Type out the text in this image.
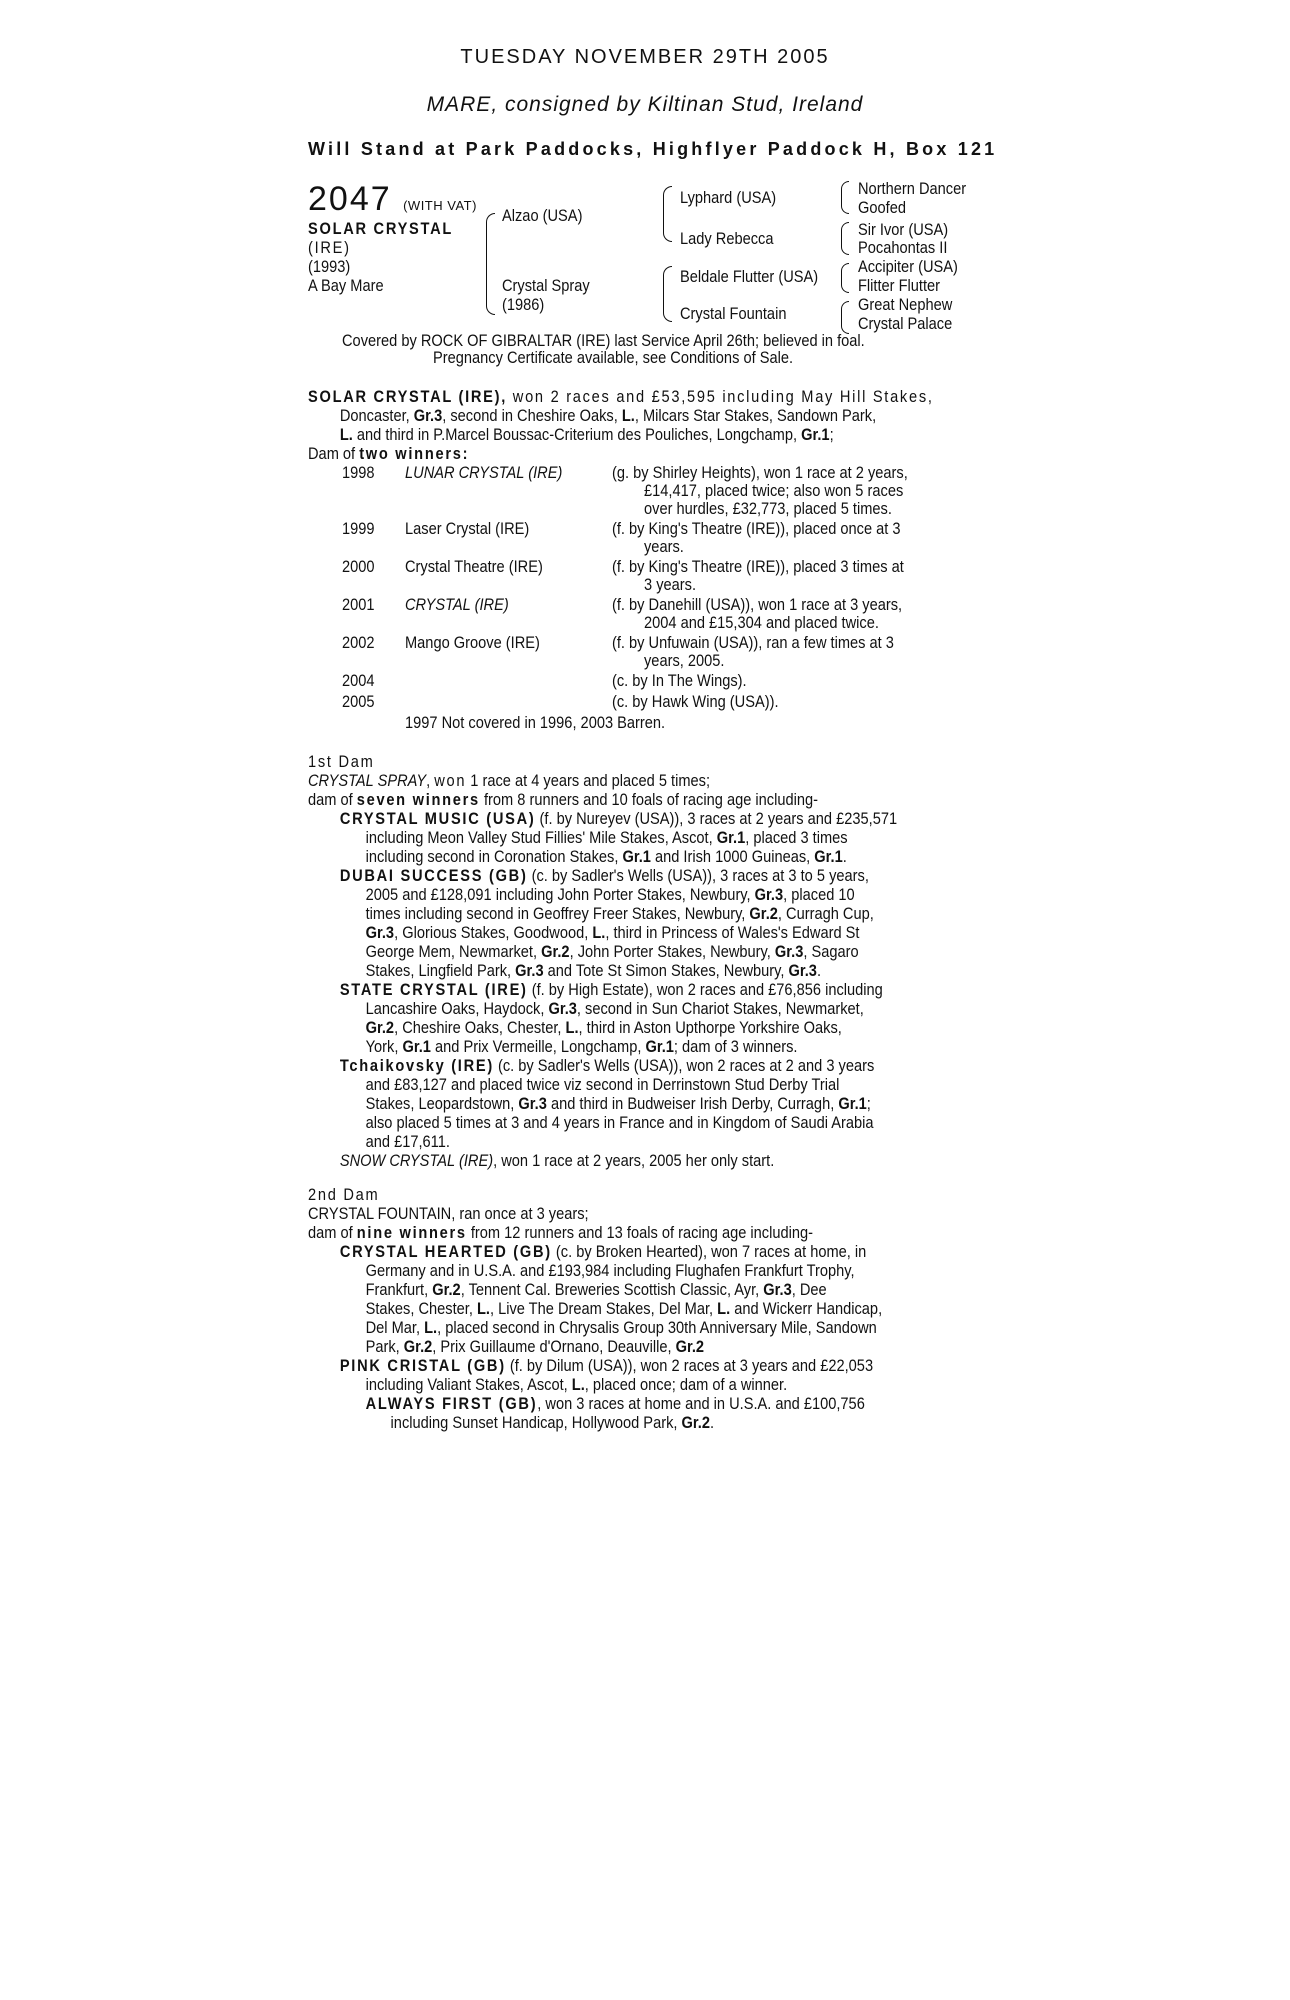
TUESDAY NOVEMBER 29TH 2005
MARE, consigned by Kiltinan Stud, Ireland
Will Stand at Park Paddocks, Highflyer Paddock H, Box 121
2047 (WITH VAT)
SOLAR CRYSTAL
(IRE)
(1993)
A Bay Mare
Alzao (USA)
Crystal Spray
(1986)
Lyphard (USA)
Lady Rebecca
Beldale Flutter (USA)
Crystal Fountain
Northern Dancer
Goofed
Sir Ivor (USA)
Pocahontas II
Accipiter (USA)
Flitter Flutter
Great Nephew
Crystal Palace
Covered by ROCK OF GIBRALTAR (IRE) last Service April 26th; believed in foal.
Pregnancy Certificate available, see Conditions of Sale.
SOLAR CRYSTAL (IRE), won 2 races and £53,595 including May Hill Stakes,
Doncaster, Gr.3, second in Cheshire Oaks, L., Milcars Star Stakes, Sandown Park,
L. and third in P.Marcel Boussac-Criterium des Pouliches, Longchamp, Gr.1;
Dam of two winners:
1998 LUNAR CRYSTAL (IRE)	(g. by Shirley Heights), won 1 race at 2 years,
£14,417, placed twice; also won 5 races
over hurdles, £32,773, placed 5 times.
1999 Laser Crystal (IRE)	(f. by King's Theatre (IRE)), placed once at 3
years.
2000 Crystal Theatre (IRE)	(f. by King's Theatre (IRE)), placed 3 times at
3 years.
2001 CRYSTAL (IRE)	(f. by Danehill (USA)), won 1 race at 3 years,
2004 and £15,304 and placed twice.
2002 Mango Groove (IRE)	(f. by Unfuwain (USA)), ran a few times at 3
years, 2005.
2004	(c. by In The Wings).
2005	(c. by Hawk Wing (USA)).
1997 Not covered in 1996, 2003 Barren.
1st Dam
CRYSTAL SPRAY, won 1 race at 4 years and placed 5 times;
dam of seven winners from 8 runners and 10 foals of racing age including-
CRYSTAL MUSIC (USA) (f. by Nureyev (USA)), 3 races at 2 years and £235,571
including Meon Valley Stud Fillies' Mile Stakes, Ascot, Gr.1, placed 3 times
including second in Coronation Stakes, Gr.1 and Irish 1000 Guineas, Gr.1.
DUBAI SUCCESS (GB) (c. by Sadler's Wells (USA)), 3 races at 3 to 5 years,
2005 and £128,091 including John Porter Stakes, Newbury, Gr.3, placed 10
times including second in Geoffrey Freer Stakes, Newbury, Gr.2, Curragh Cup,
Gr.3, Glorious Stakes, Goodwood, L., third in Princess of Wales's Edward St
George Mem, Newmarket, Gr.2, John Porter Stakes, Newbury, Gr.3, Sagaro
Stakes, Lingfield Park, Gr.3 and Tote St Simon Stakes, Newbury, Gr.3.
STATE CRYSTAL (IRE) (f. by High Estate), won 2 races and £76,856 including
Lancashire Oaks, Haydock, Gr.3, second in Sun Chariot Stakes, Newmarket,
Gr.2, Cheshire Oaks, Chester, L., third in Aston Upthorpe Yorkshire Oaks,
York, Gr.1 and Prix Vermeille, Longchamp, Gr.1; dam of 3 winners.
Tchaikovsky (IRE) (c. by Sadler's Wells (USA)), won 2 races at 2 and 3 years
and £83,127 and placed twice viz second in Derrinstown Stud Derby Trial
Stakes, Leopardstown, Gr.3 and third in Budweiser Irish Derby, Curragh, Gr.1;
also placed 5 times at 3 and 4 years in France and in Kingdom of Saudi Arabia
and £17,611.
SNOW CRYSTAL (IRE), won 1 race at 2 years, 2005 her only start.
2nd Dam
CRYSTAL FOUNTAIN, ran once at 3 years;
dam of nine winners from 12 runners and 13 foals of racing age including-
CRYSTAL HEARTED (GB) (c. by Broken Hearted), won 7 races at home, in
Germany and in U.S.A. and £193,984 including Flughafen Frankfurt Trophy,
Frankfurt, Gr.2, Tennent Cal. Breweries Scottish Classic, Ayr, Gr.3, Dee
Stakes, Chester, L., Live The Dream Stakes, Del Mar, L. and Wickerr Handicap,
Del Mar, L., placed second in Chrysalis Group 30th Anniversary Mile, Sandown
Park, Gr.2, Prix Guillaume d'Ornano, Deauville, Gr.2
PINK CRISTAL (GB) (f. by Dilum (USA)), won 2 races at 3 years and £22,053
including Valiant Stakes, Ascot, L., placed once; dam of a winner.
ALWAYS FIRST (GB), won 3 races at home and in U.S.A. and £100,756
including Sunset Handicap, Hollywood Park, Gr.2.
